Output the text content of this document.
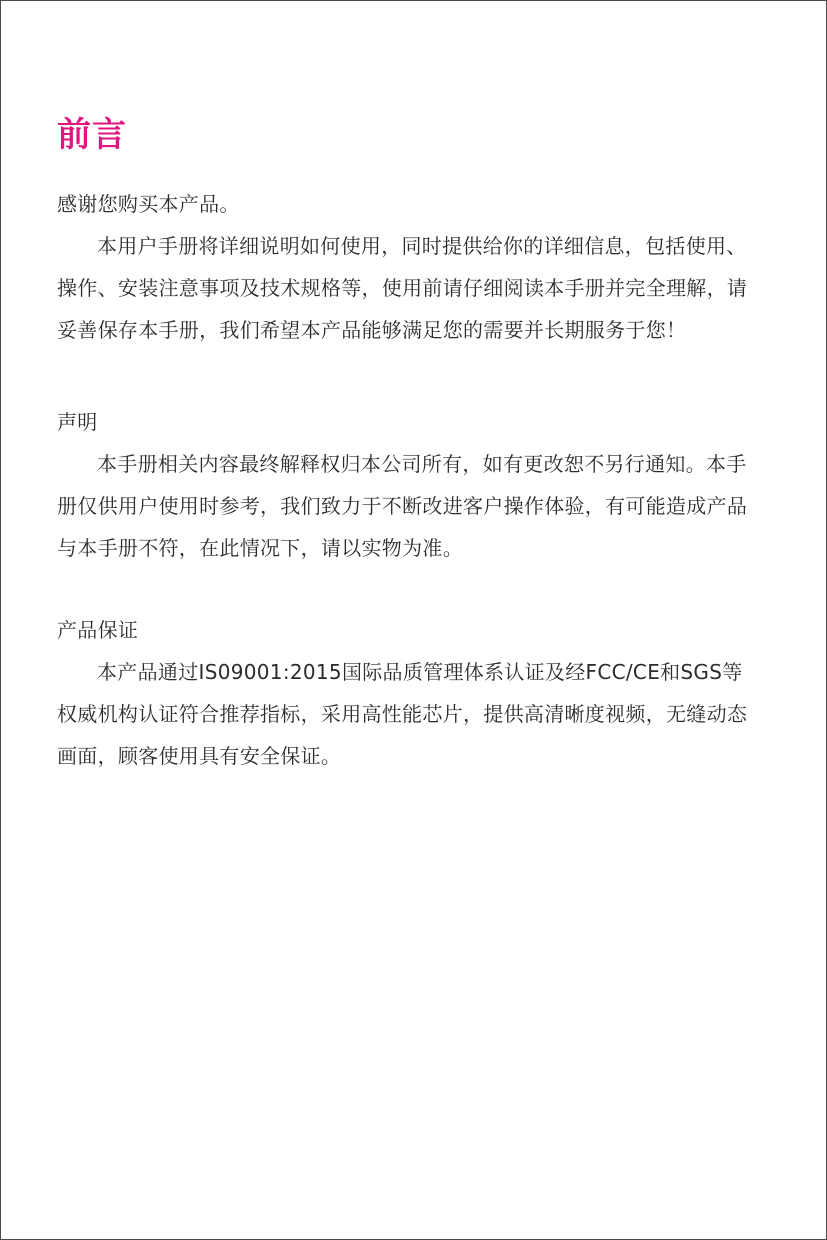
前言

感谢您购买本产品。

本用户手册将详细说明如何使用，同时提供给你的详细信息，包括使用、操作、安装注意事项及技术规格等，使用前请仔细阅读本手册并完全理解，请妥善保存本手册，我们希望本产品能够满足您的需要并长期服务于您！

声明

本手册相关内容最终解释权归本公司所有，如有更改恕不另行通知。本手册仅供用户使用时参考，我们致力于不断改进客户操作体验，有可能造成产品与本手册不符，在此情况下，请以实物为准。

产品保证

本产品通过IS09001:2015国际品质管理体系认证及经FCC/CE和SGS等权威机构认证符合推荐指标，采用高性能芯片，提供高清晰度视频，无缝动态画面，顾客使用具有安全保证。
